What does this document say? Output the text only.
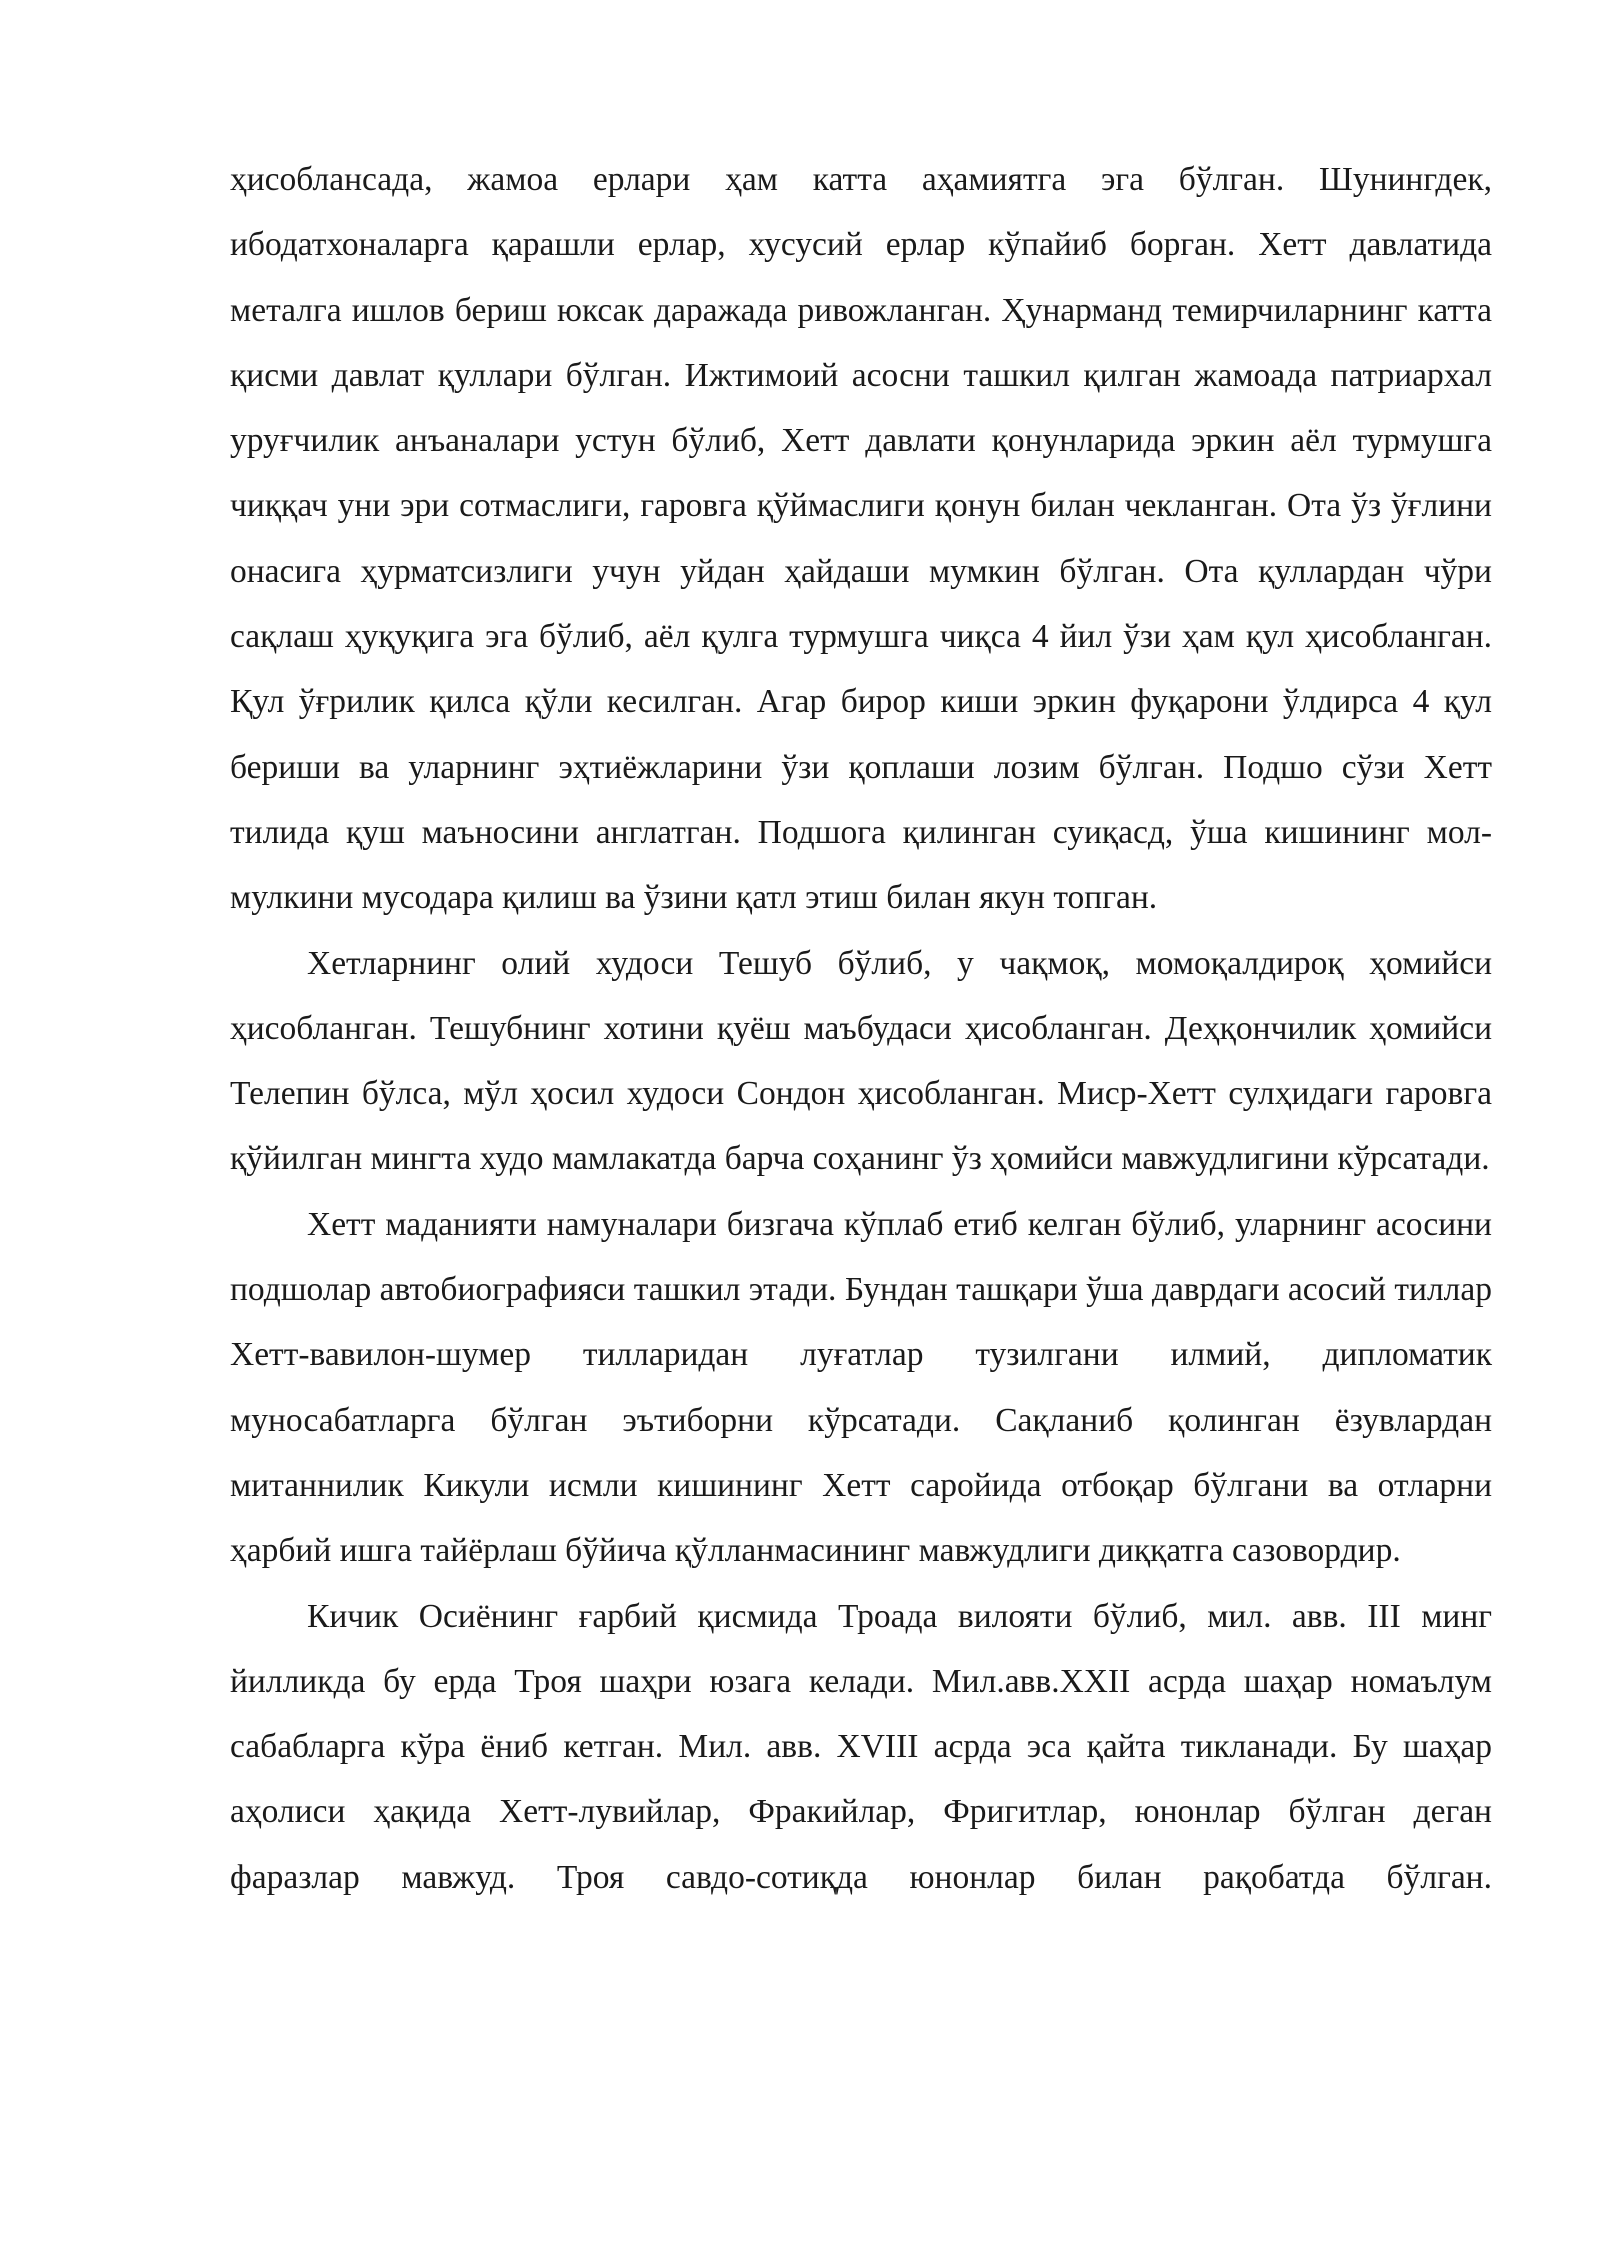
ҳисоблансада, жамоа ерлари ҳам катта аҳамиятга эга бўлган. Шунингдек, ибодатхоналарга қарашли ерлар, хусусий ерлар кўпайиб борган. Хетт давлатида металга ишлов бериш юксак даражада ривожланган. Ҳунарманд темирчиларнинг катта қисми давлат қуллари бўлган. Ижтимоий асосни ташкил қилган жамоада патриархал уруғчилик анъаналари устун бўлиб, Хетт давлати қонунларида эркин аёл турмушга чиққач уни эри сотмаслиги, гаровга қўймаслиги қонун билан чекланган. Ота ўз ўғлини онасига ҳурматсизлиги учун уйдан ҳайдаши мумкин бўлган. Ота қуллардан чўри сақлаш ҳуқуқига эга бўлиб, аёл қулга турмушга чиқса 4 йил ўзи ҳам қул ҳисобланган. Қул ўғрилик қилса қўли кесилган. Агар бирор киши эркин фуқарони ўлдирса 4 қул бериши ва уларнинг эҳтиёжларини ўзи қоплаши лозим бўлган. Подшо сўзи Хетт тилида қуш маъносини англатган. Подшога қилинган суиқасд, ўша кишининг мол-мулкини мусодара қилиш ва ўзини қатл этиш билан якун топган.

Хетларнинг олий худоси Тешуб бўлиб, у чақмоқ, момоқалдироқ ҳомийси ҳисобланган. Тешубнинг хотини қуёш маъбудаси ҳисобланган. Деҳқончилик ҳомийси Телепин бўлса, мўл ҳосил худоси Сондон ҳисобланган. Миср-Хетт сулҳидаги гаровга қўйилган мингта худо мамлакатда барча соҳанинг ўз ҳомийси мавжудлигини кўрсатади.

Хетт маданияти намуналари бизгача кўплаб етиб келган бўлиб, уларнинг асосини подшолар автобиографияси ташкил этади. Бундан ташқари ўша даврдаги асосий тиллар Хетт-вавилон-шумер тилларидан луғатлар тузилгани илмий, дипломатик муносабатларга бўлган эътиборни кўрсатади. Сақланиб қолинган ёзувлардан митаннилик Кикули исмли кишининг Хетт саройида отбоқар бўлгани ва отларни ҳарбий ишга тайёрлаш бўйича қўлланмасининг мавжудлиги диққатга сазовордир.

Кичик Осиёнинг ғарбий қисмида Троада вилояти бўлиб, мил. авв. III минг йилликда бу ерда Троя шаҳри юзага келади. Мил.авв.XXII асрда шаҳар номаълум сабабларга кўра ёниб кетган. Мил. авв. XVIII асрда эса қайта тикланади. Бу шаҳар аҳолиси ҳақида Хетт-лувийлар, Фракийлар, Фригитлар, юнонлар бўлган деган фаразлар мавжуд. Троя савдо-сотиқда юнонлар билан рақобатда бўлган.
